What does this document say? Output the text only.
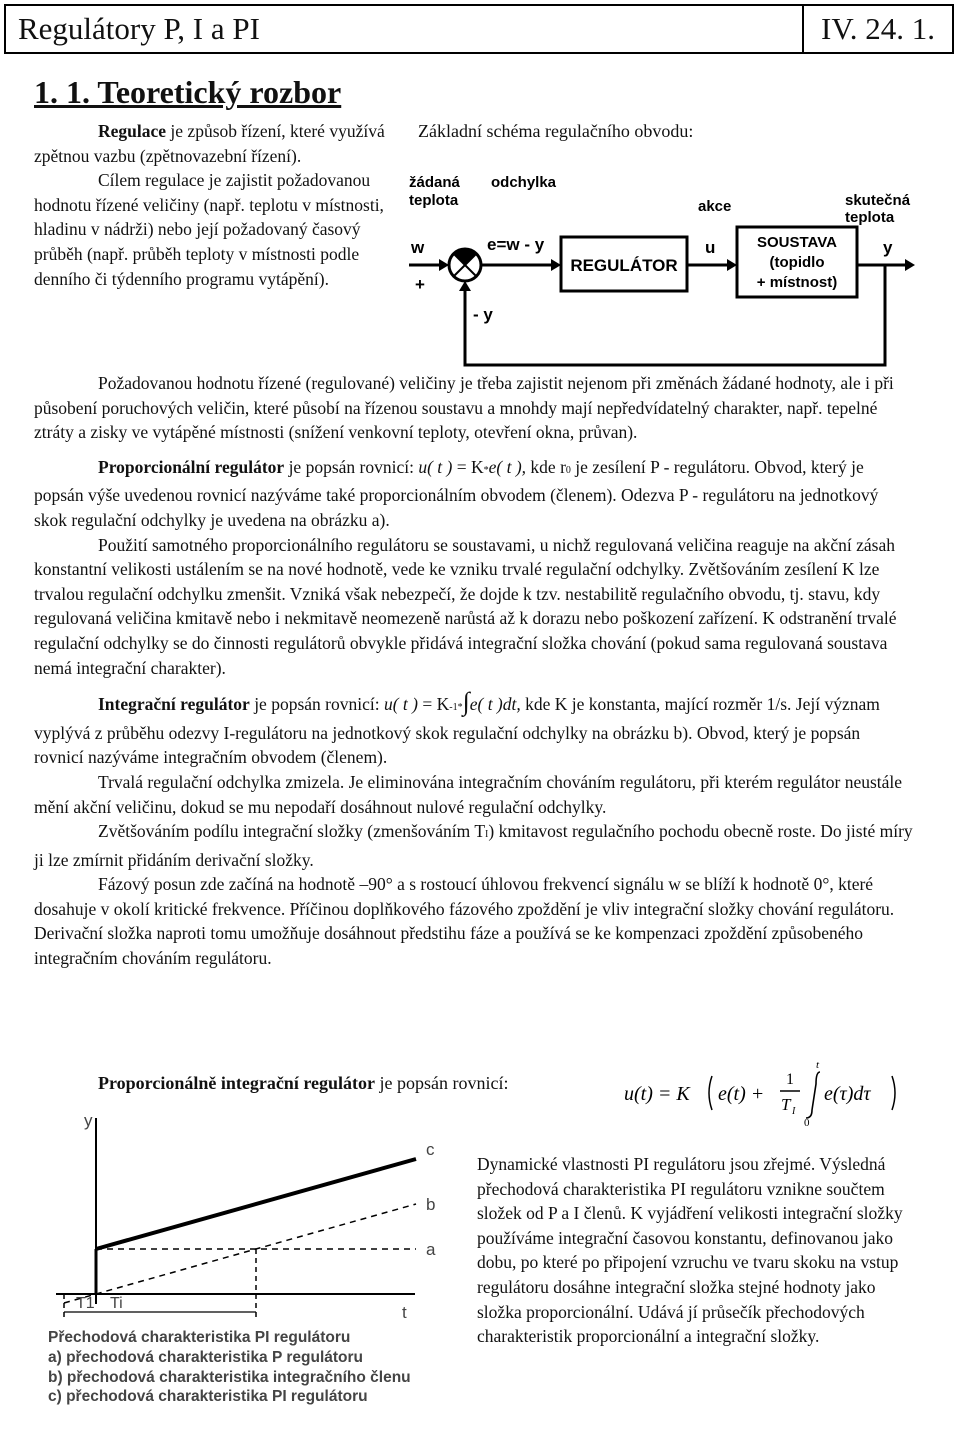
Regulátory P, I a PI	IV. 24. 1.
1. 1. Teoretický rozbor

Regulace je způsob řízení, které využívá zpětnou vazbu (zpětnovazební řízení).

Cílem regulace je zajistit požadovanou hodnotu řízené veličiny (např. teplotu v místnosti, hladinu v nádrži) nebo její požadovaný časový průběh (např. průběh teploty v místnosti podle denního či týdenního programu vytápění).

Základní schéma regulačního obvodu:
žádaná
teplota
odchylka
akce	skutečná
teplota
w	e=w - y	u	y
+
- y
REGULÁTOR
SOUSTAVA
(topidlo
+ místnost)

Požadovanou hodnotu řízené (regulované) veličiny je třeba zajistit nejenom při změnách žádané hodnoty, ale i při působení poruchových veličin, které působí na řízenou soustavu a mnohdy mají nepředvídatelný charakter, např. tepelné ztráty a zisky ve vytápěné místnosti (snížení venkovní teploty, otevření okna, průvan).

Proporcionální regulátor je popsán rovnicí: u( t ) = K*e( t ), kde r0 je zesílení P - regulátoru. Obvod, který je popsán výše uvedenou rovnicí nazýváme také proporcionálním obvodem (členem). Odezva P - regulátoru na jednotkový skok regulační odchylky je uvedena na obrázku a).

Použití samotného proporcionálního regulátoru se soustavami, u nichž regulovaná veličina reaguje na akční zásah konstantní velikosti ustálením se na nové hodnotě, vede ke vzniku trvalé regulační odchylky. Zvětšováním zesílení K lze trvalou regulační odchylku zmenšit. Vzniká však nebezpečí, že dojde k tzv. nestabilitě regulačního obvodu, tj. stavu, kdy regulovaná veličina kmitavě nebo i nekmitavě neomezeně narůstá až k dorazu nebo poškození zařízení. K odstranění trvalé regulační odchylky se do činnosti regulátorů obvykle přidává integrační složka chování (pokud sama regulovaná soustava nemá integrační charakter).

Integrační regulátor je popsán rovnicí: u( t ) = K-1*∫e( t )dt, kde K je konstanta, mající rozměr 1/s. Její význam vyplývá z průběhu odezvy I-regulátoru na jednotkový skok regulační odchylky na obrázku b). Obvod, který je popsán rovnicí nazýváme integračním obvodem (členem).

Trvalá regulační odchylka zmizela. Je eliminována integračním chováním regulátoru, při kterém regulátor neustále mění akční veličinu, dokud se mu nepodaří dosáhnout nulové regulační odchylky.

Zvětšováním podílu integrační složky (zmenšováním TI) kmitavost regulačního pochodu obecně roste. Do jisté míry ji lze zmírnit přidáním derivační složky.

Fázový posun zde začíná na hodnotě –90° a s rostoucí úhlovou frekvencí signálu w se blíží k hodnotě 0°, které dosahuje v okolí kritické frekvence. Příčinou doplňkového fázového zpoždění je vliv integrační složky chování regulátoru. Derivační složka naproti tomu umožňuje dosáhnout předstihu fáze a používá se ke kompenzaci zpoždění způsobeného integračním chováním regulátoru.

Proporcionálně integrační regulátor je popsán rovnicí:	u(t) = K e(t) +
1
T I
t
0
e(τ)dτ
y
t
c
b
a
T1 Ti
Přechodová charakteristika PI regulátoru
a) přechodová charakteristika P regulátoru
b) přechodová charakteristika integračního členu
c) přechodová charakteristika PI regulátoru
Dynamické vlastnosti PI regulátoru jsou zřejmé. Výsledná přechodová charakteristika PI regulátoru vznikne součtem složek od P a I členů. K vyjádření velikosti integrační složky používáme integrační časovou konstantu, definovanou jako dobu, po které po připojení vzruchu ve tvaru skoku na vstup regulátoru dosáhne integrační složka stejné hodnoty jako složka proporcionální. Udává jí průsečík přechodových charakteristik proporcionální a integrační složky.
